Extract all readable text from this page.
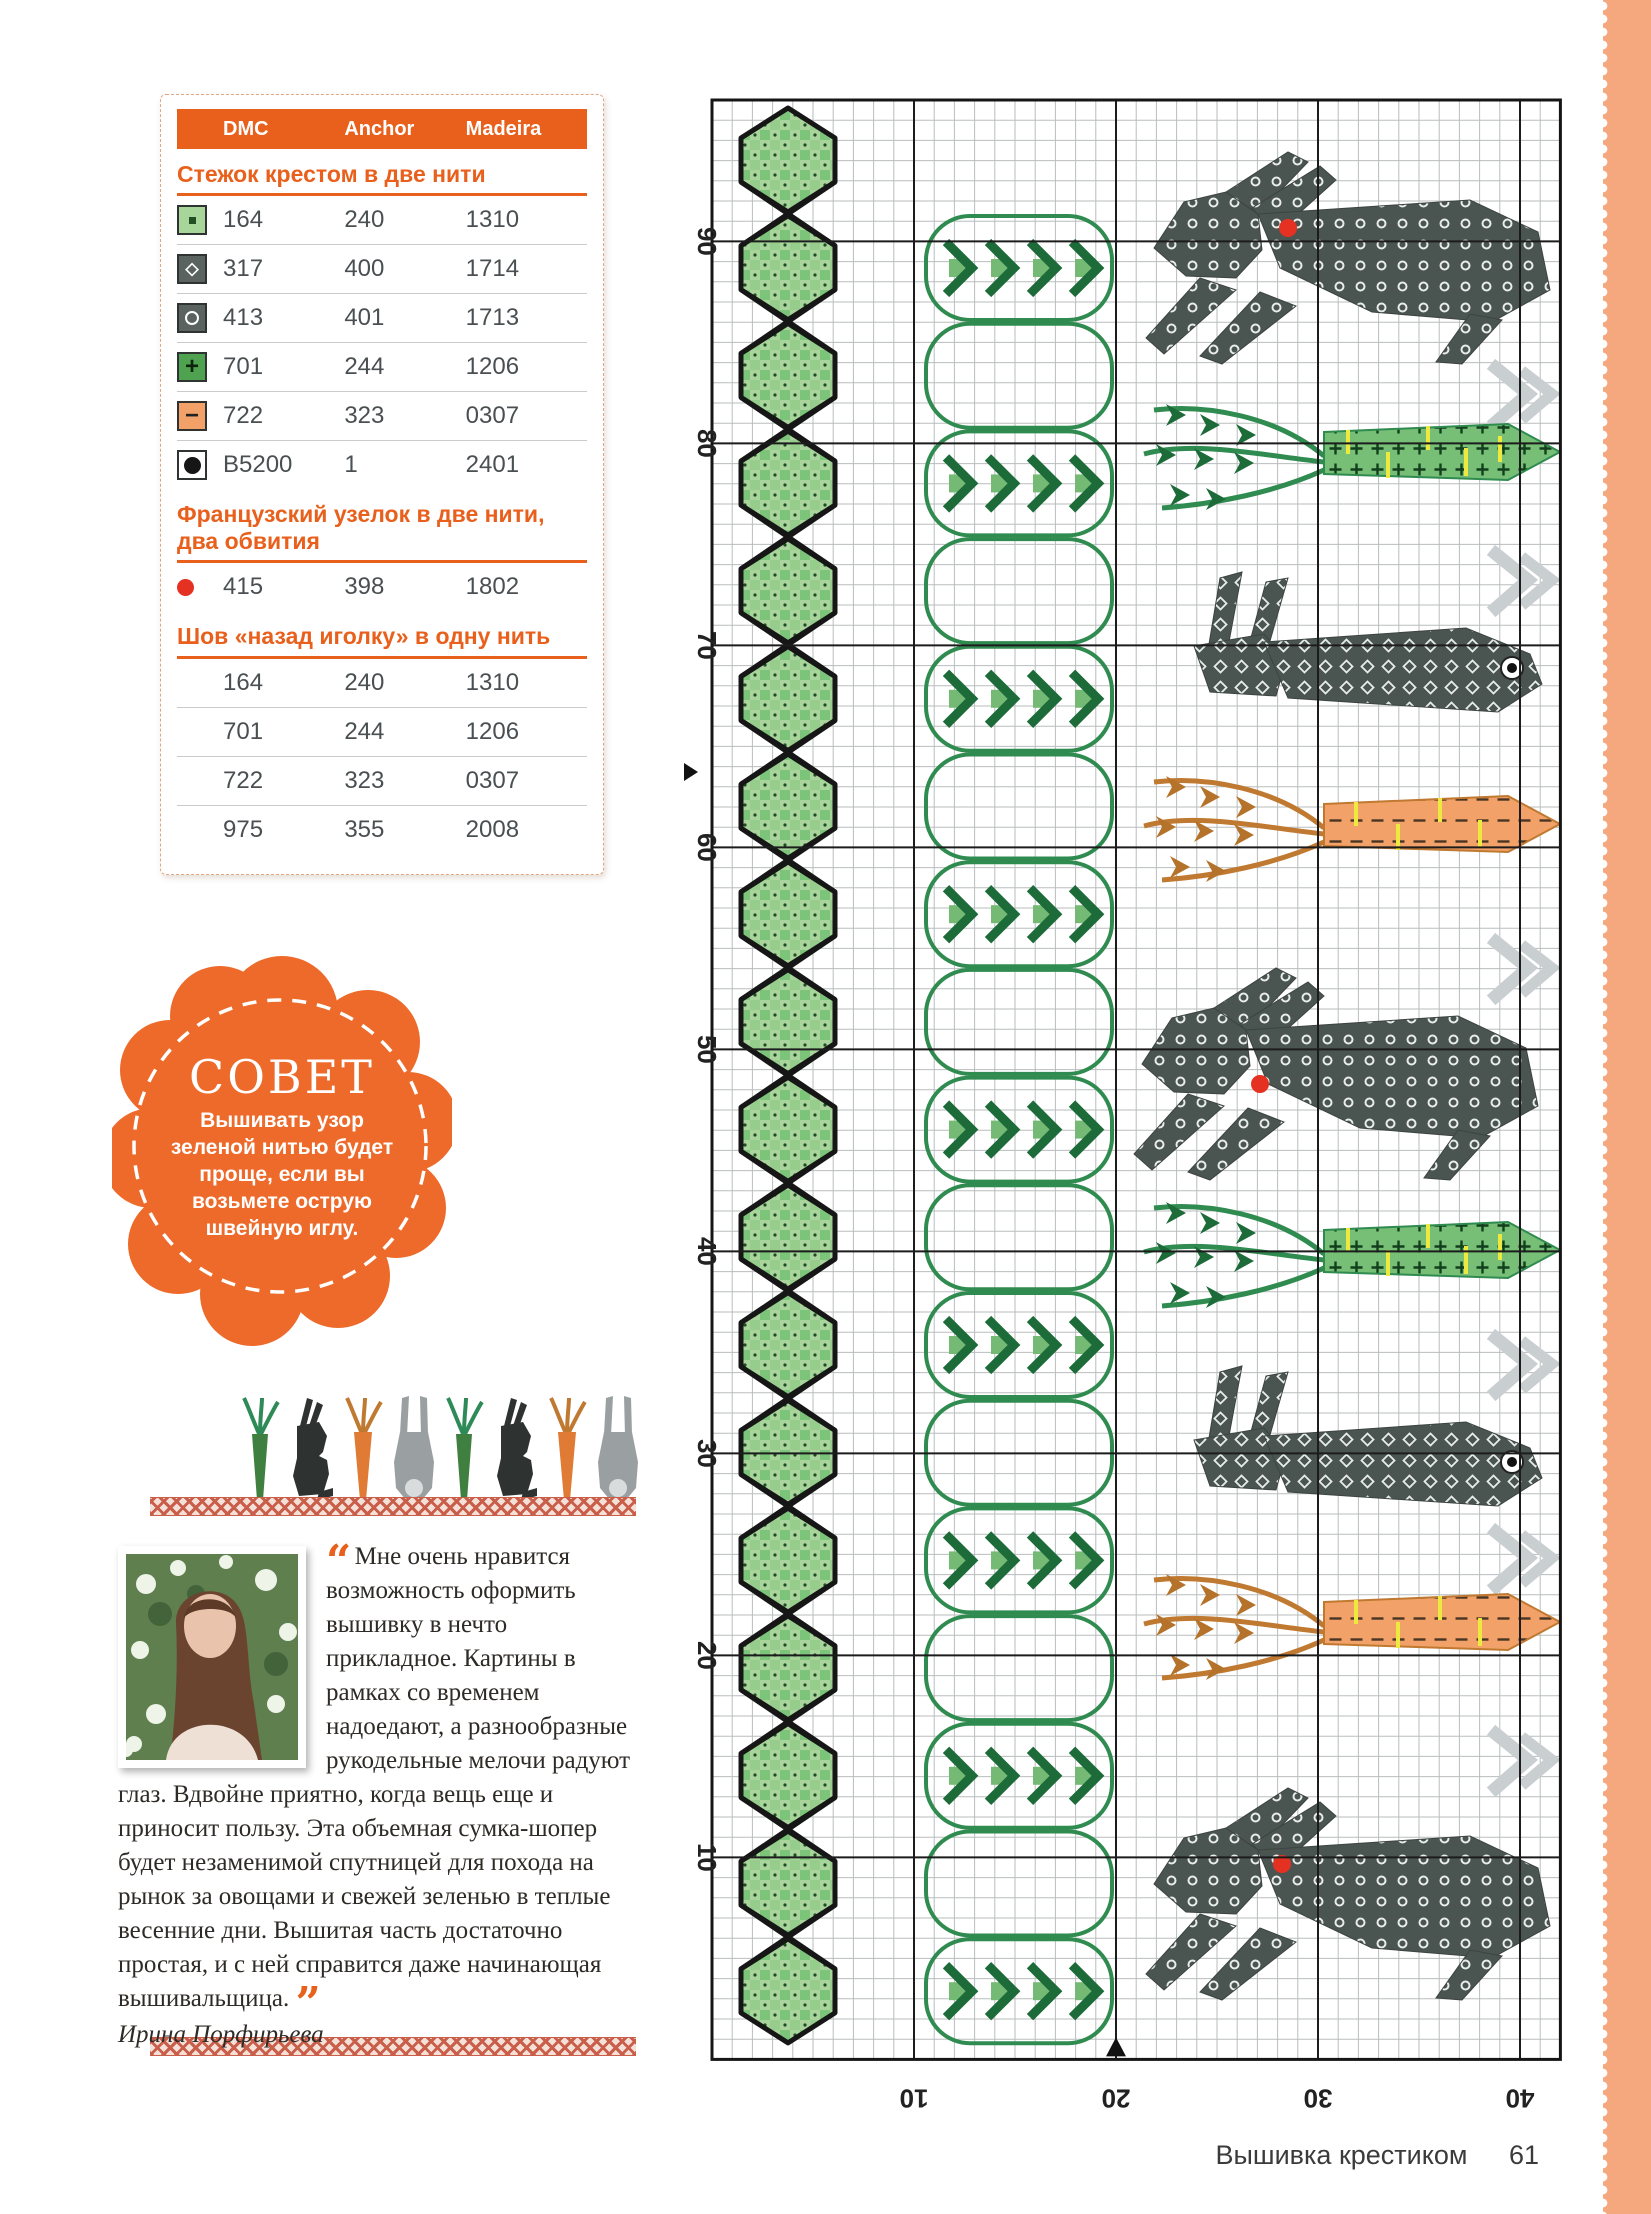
DMC	Anchor	Madeira
Стежок крестом в две нити
164	240	1310
◇	317	400	1714
413	401	1713
+	701	244	1206
−	722	323	0307
B5200	1	2401
Французский узелок в две нити, два обвития
415	398	1802
Шов «назад иголку» в одну нить
164	240	1310
701	244	1206
722	323	0307
975	355	2008
СОВЕТ
Вышивать узор зеленой нитью будет проще, если вы возьмете острую швейную иглу.
“ Мне очень нравится возможность оформить вышивку в нечто прикладное. Картины в рамках со временем надоедают, а разнообразные рукодельные мелочи радуют глаз. Вдвойне приятно, когда вещь еще и приносит пользу. Эта объемная сумка-шопер будет незаменимой спутницей для похода на рынок за овощами и свежей зеленью в теплые весенние дни. Вышитая часть достаточно простая, и с ней справится даже начинающая вышивальщица. ”
Ирина Порфирьева
90
80
70
60
50
40
30
20
10
10	20	30	40
Вышивка крестиком 61
